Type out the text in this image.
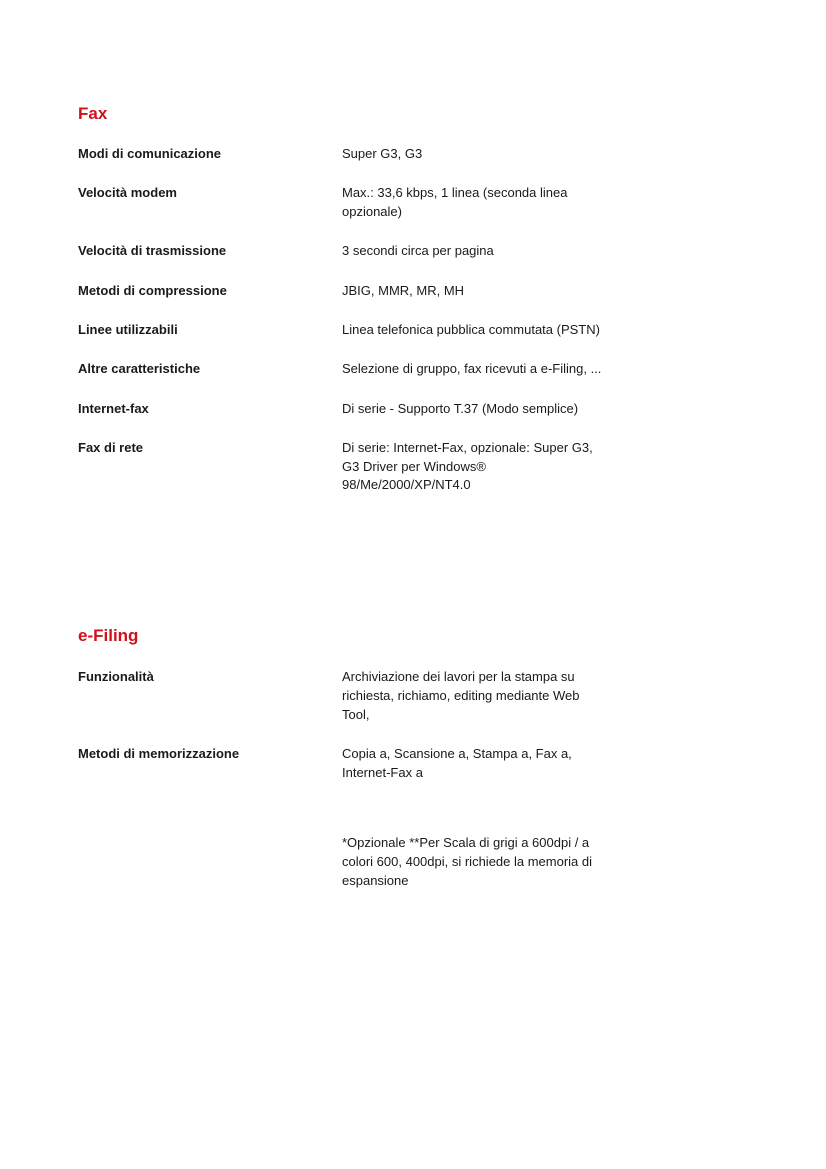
Fax
Modi di comunicazione	Super G3, G3
Velocità modem	Max.: 33,6 kbps, 1 linea (seconda linea opzionale)
Velocità di trasmissione	3 secondi circa per pagina
Metodi di compressione	JBIG, MMR, MR, MH
Linee utilizzabili	Linea telefonica pubblica commutata (PSTN)
Altre caratteristiche	Selezione di gruppo, fax ricevuti a e-Filing, ...
Internet-fax	Di serie - Supporto T.37 (Modo semplice)
Fax di rete	Di serie: Internet-Fax, opzionale: Super G3, G3 Driver per Windows® 98/Me/2000/XP/NT4.0
e-Filing
Funzionalità	Archiviazione dei lavori per la stampa su richiesta, richiamo, editing mediante Web Tool,
Metodi di memorizzazione	Copia a, Scansione a, Stampa a, Fax a, Internet-Fax a
*Opzionale **Per Scala di grigi a 600dpi / a colori 600, 400dpi, si richiede la memoria di espansione
